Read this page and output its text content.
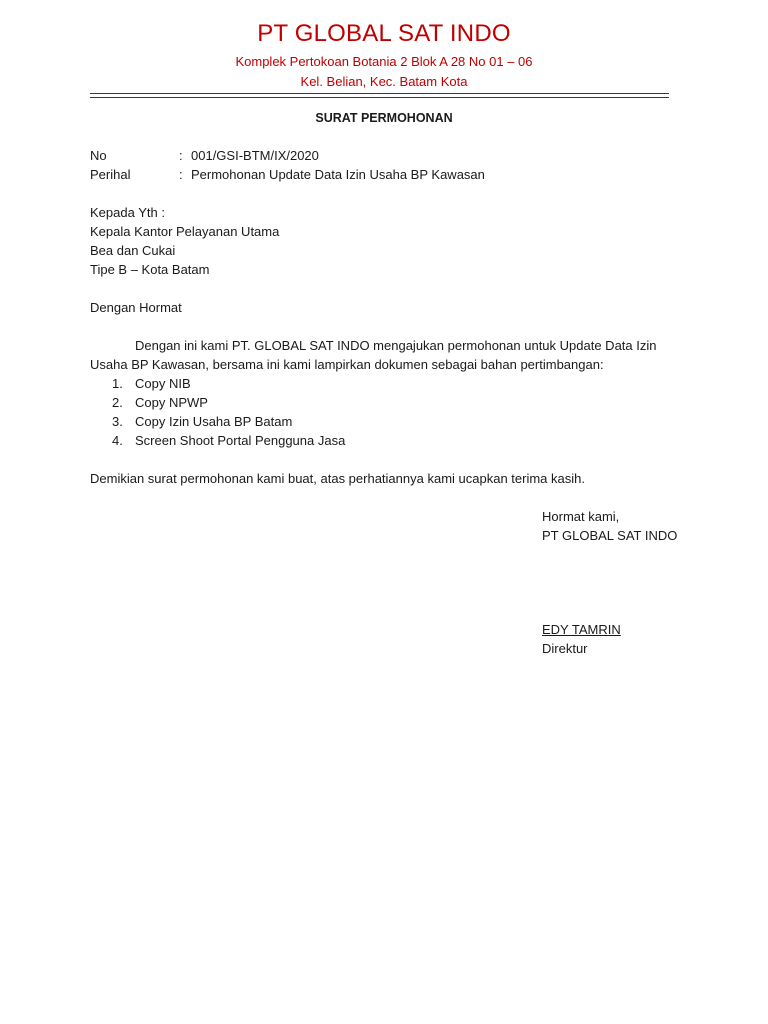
PT GLOBAL SAT INDO
Komplek Pertokoan Botania 2 Blok A 28 No 01 – 06
Kel. Belian, Kec. Batam Kota
SURAT PERMOHONAN
No	: 001/GSI-BTM/IX/2020
Perihal	: Permohonan Update Data Izin Usaha BP Kawasan
Kepada Yth :
Kepala Kantor Pelayanan Utama
Bea dan Cukai
Tipe B – Kota Batam
Dengan Hormat
Dengan ini kami PT. GLOBAL SAT INDO mengajukan permohonan untuk Update Data Izin
Usaha BP Kawasan, bersama ini kami lampirkan dokumen sebagai bahan pertimbangan:
1. Copy NIB
2. Copy NPWP
3. Copy Izin Usaha BP Batam
4. Screen Shoot Portal Pengguna Jasa
Demikian surat permohonan kami buat, atas perhatiannya kami ucapkan terima kasih.
Hormat kami,
PT GLOBAL SAT INDO
EDY TAMRIN
Direktur
